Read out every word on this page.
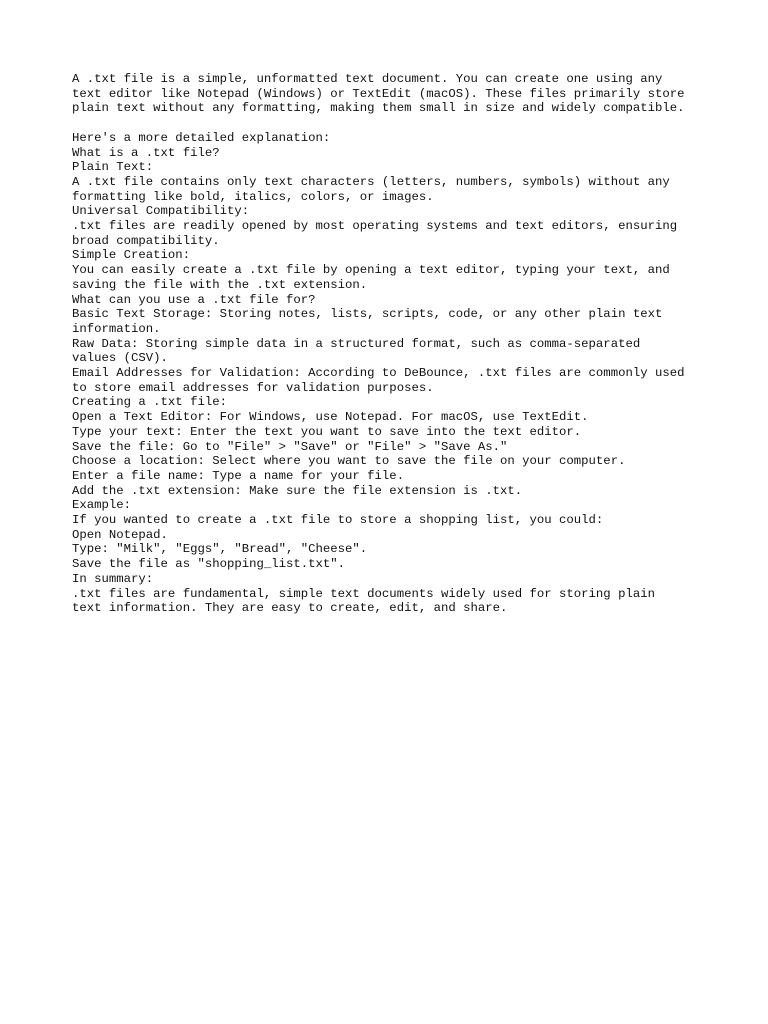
A .txt file is a simple, unformatted text document. You can create one using any

text editor like Notepad (Windows) or TextEdit (macOS). These files primarily store

plain text without any formatting, making them small in size and widely compatible.

Here's a more detailed explanation:

What is a .txt file?

Plain Text:

A .txt file contains only text characters (letters, numbers, symbols) without any

formatting like bold, italics, colors, or images.

Universal Compatibility:

.txt files are readily opened by most operating systems and text editors, ensuring

broad compatibility.

Simple Creation:

You can easily create a .txt file by opening a text editor, typing your text, and

saving the file with the .txt extension.

What can you use a .txt file for?

Basic Text Storage: Storing notes, lists, scripts, code, or any other plain text

information.

Raw Data: Storing simple data in a structured format, such as comma-separated

values (CSV).

Email Addresses for Validation: According to DeBounce, .txt files are commonly used

to store email addresses for validation purposes.

Creating a .txt file:

Open a Text Editor: For Windows, use Notepad. For macOS, use TextEdit.

Type your text: Enter the text you want to save into the text editor.

Save the file: Go to "File" > "Save" or "File" > "Save As."

Choose a location: Select where you want to save the file on your computer.

Enter a file name: Type a name for your file.

Add the .txt extension: Make sure the file extension is .txt.

Example:

If you wanted to create a .txt file to store a shopping list, you could:

Open Notepad.

Type: "Milk", "Eggs", "Bread", "Cheese".

Save the file as "shopping_list.txt".

In summary:

.txt files are fundamental, simple text documents widely used for storing plain

text information. They are easy to create, edit, and share.
